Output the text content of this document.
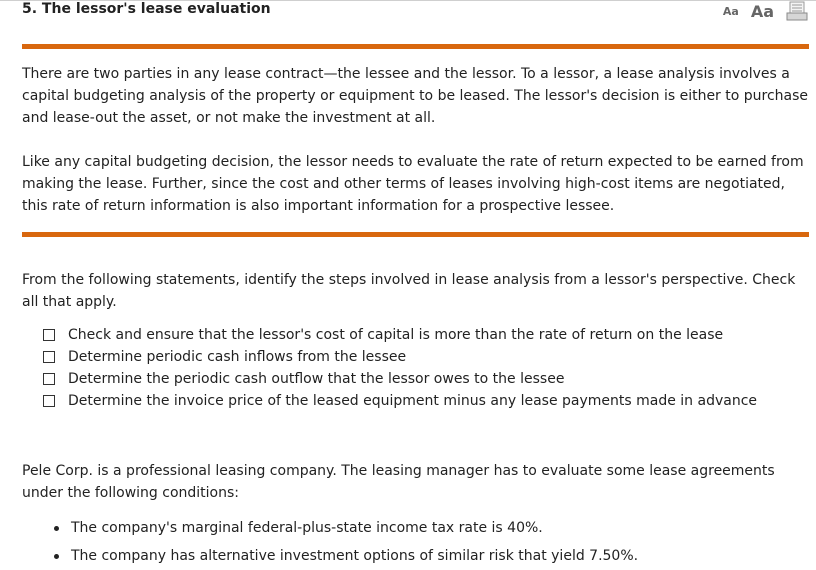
5. The lessor's lease evaluation	Aa Aa

There are two parties in any lease contract—the lessee and the lessor. To a lessor, a lease analysis involves a capital budgeting analysis of the property or equipment to be leased. The lessor's decision is either to purchase and lease-out the asset, or not make the investment at all.

Like any capital budgeting decision, the lessor needs to evaluate the rate of return expected to be earned from making the lease. Further, since the cost and other terms of leases involving high-cost items are negotiated, this rate of return information is also important information for a prospective lessee.

From the following statements, identify the steps involved in lease analysis from a lessor's perspective. Check all that apply.

Check and ensure that the lessor's cost of capital is more than the rate of return on the lease
Determine periodic cash inflows from the lessee
Determine the periodic cash outflow that the lessor owes to the lessee
Determine the invoice price of the leased equipment minus any lease payments made in advance

Pele Corp. is a professional leasing company. The leasing manager has to evaluate some lease agreements under the following conditions:

The company's marginal federal-plus-state income tax rate is 40%.
The company has alternative investment options of similar risk that yield 7.50%.
